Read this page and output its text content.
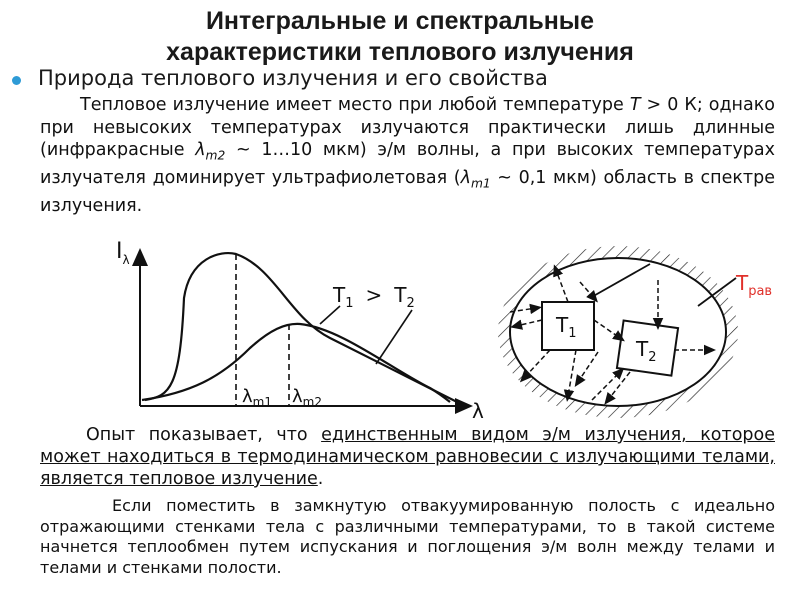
Интегральные и спектральные
характеристики теплового излучения
Природа теплового излучения и его свойства
Тепловое излучение имеет место при любой температуре T > 0 К; однако при невысоких температурах излучаются практически лишь длинные (инфракрасные $\lambda_{m2}$ ~ 1…10 мкм) э/м волны, а при высоких температурах излучателя доминирует ультрафиолетовая ($\lambda_{m1}$ ~ 0,1 мкм) область в спектре излучения.
$I_\lambda$
λ
$\lambda_{m1}$ $\lambda_{m2}$
$T_1 > T_2$
$T_1$
$T_2$
$T_{рав}$
Опыт показывает, что единственным видом э/м излучения, которое может находиться в термодинамическом равновесии с излучающими телами, является тепловое излучение.
Если поместить в замкнутую отвакуумированную полость с идеально отражающими стенками тела с различными температурами, то в такой системе начнется теплообмен путем испускания и поглощения э/м волн между телами и телами и стенками полости.
